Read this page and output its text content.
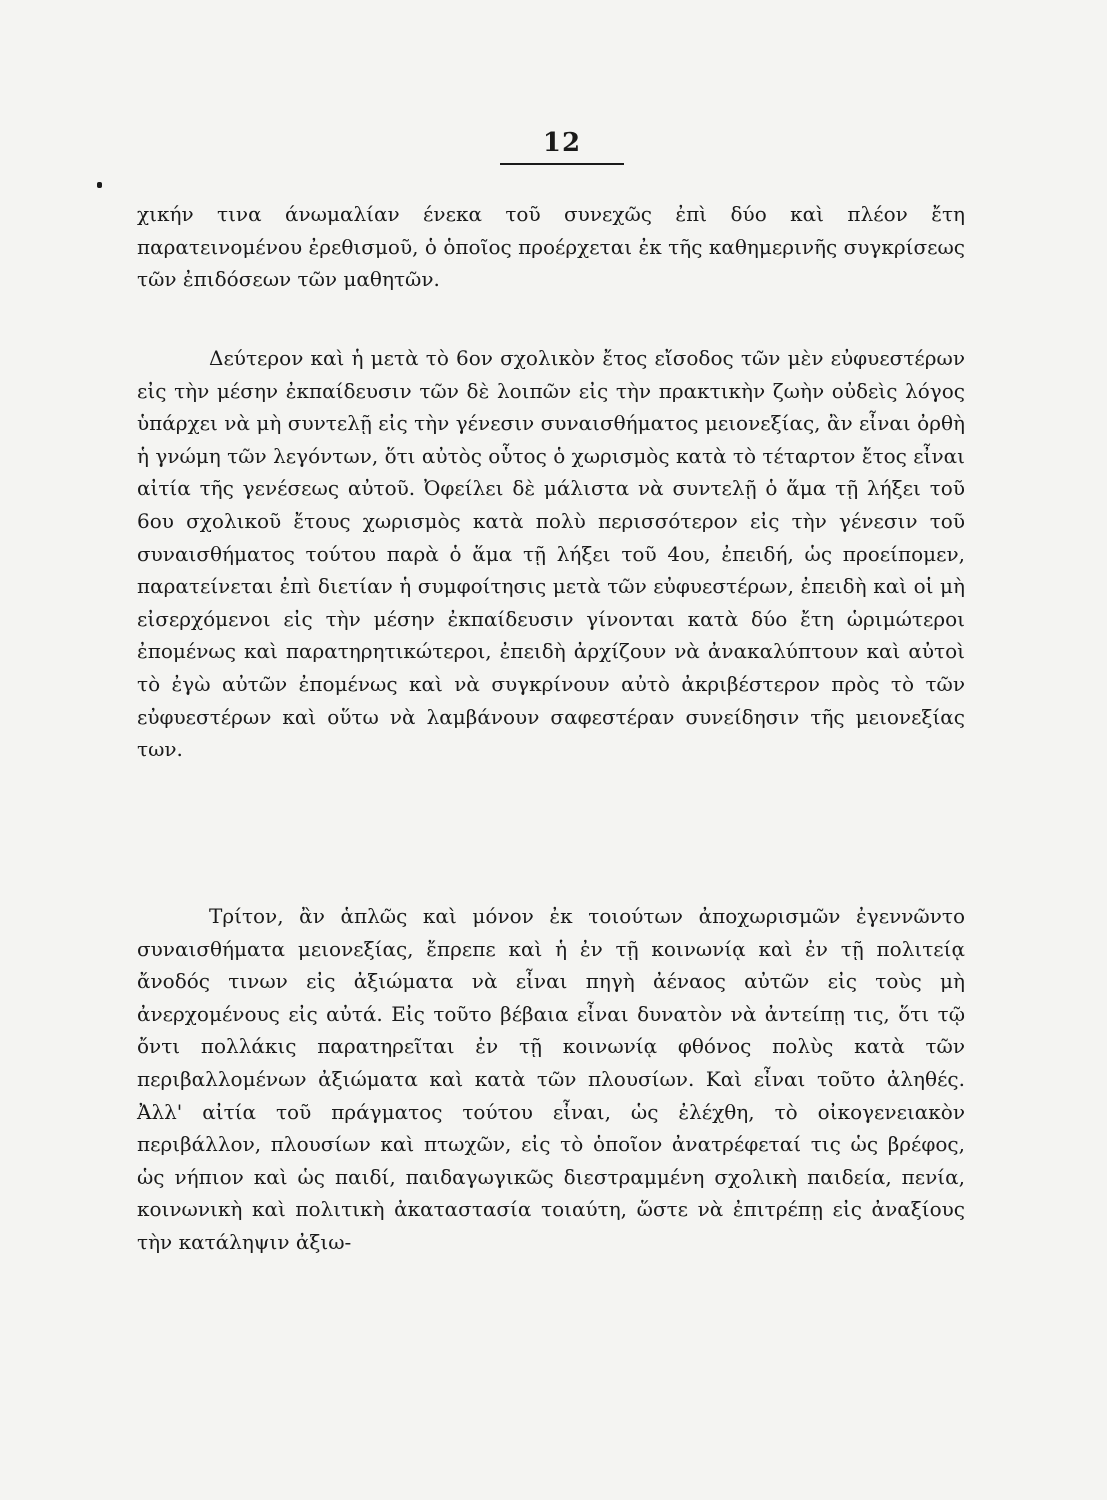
12

χικήν τινα άνωμαλίαν ένεκα τοῦ συνεχῶς ἐπὶ δύο καὶ πλέον ἔτη παρατεινομένου ἐρεθισμοῦ, ὁ ὁποῖος προέρχεται ἐκ τῆς καθημερινῆς συγκρίσεως τῶν ἐπιδόσεων τῶν μαθητῶν.

Δεύτερον καὶ ἡ μετὰ τὸ 6ον σχολικὸν ἔτος εἴσοδος τῶν μὲν εὐφυεστέρων εἰς τὴν μέσην ἐκπαίδευσιν τῶν δὲ λοιπῶν εἰς τὴν πρακτικὴν ζωὴν οὐδεὶς λόγος ὑπάρχει νὰ μὴ συντελῇ εἰς τὴν γένεσιν συναισθήματος μειονεξίας, ἂν εἶναι ὀρθὴ ἡ γνώμη τῶν λεγόντων, ὅτι αὐτὸς οὗτος ὁ χωρισμὸς κατὰ τὸ τέταρτον ἔτος εἶναι αἰτία τῆς γενέσεως αὐτοῦ. Ὀφείλει δὲ μάλιστα νὰ συντελῇ ὁ ἅμα τῇ λήξει τοῦ 6ου σχολικοῦ ἔτους χωρισμὸς κατὰ πολὺ περισσότερον εἰς τὴν γένεσιν τοῦ συναισθήματος τούτου παρὰ ὁ ἅμα τῇ λήξει τοῦ 4ου, ἐπειδή, ὡς προείπομεν, παρατείνεται ἐπὶ διετίαν ἡ συμφοίτησις μετὰ τῶν εὐφυεστέρων, ἐπειδὴ καὶ οἱ μὴ εἰσερχόμενοι εἰς τὴν μέσην ἐκπαίδευσιν γίνονται κατὰ δύο ἔτη ὡριμώτεροι ἐπομένως καὶ παρατηρητικώτεροι, ἐπειδὴ ἀρχίζουν νὰ ἀνακαλύπτουν καὶ αὐτοὶ τὸ ἐγὼ αὐτῶν ἐπομένως καὶ νὰ συγκρίνουν αὐτὸ ἀκριβέστερον πρὸς τὸ τῶν εὐφυεστέρων καὶ οὕτω νὰ λαμβάνουν σαφεστέραν συνείδησιν τῆς μειονεξίας των.

Τρίτον, ἂν ἁπλῶς καὶ μόνον ἐκ τοιούτων ἀποχωρισμῶν ἐγεννῶντο συναισθήματα μειονεξίας, ἔπρεπε καὶ ἡ ἐν τῇ κοινωνίᾳ καὶ ἐν τῇ πολιτείᾳ ἄνοδός τινων εἰς ἀξιώματα νὰ εἶναι πηγὴ ἀέναος αὐτῶν εἰς τοὺς μὴ ἀνερχομένους εἰς αὐτά. Εἰς τοῦτο βέβαια εἶναι δυνατὸν νὰ ἀντείπῃ τις, ὅτι τῷ ὄντι πολλάκις παρατηρεῖται ἐν τῇ κοινωνίᾳ φθόνος πολὺς κατὰ τῶν περιβαλλομένων ἀξιώματα καὶ κατὰ τῶν πλουσίων. Καὶ εἶναι τοῦτο ἀληθές. Ἀλλ' αἰτία τοῦ πράγματος τούτου εἶναι, ὡς ἐλέχθη, τὸ οἰκογενειακὸν περιβάλλον, πλουσίων καὶ πτωχῶν, εἰς τὸ ὁποῖον ἀνατρέφεταί τις ὡς βρέφος, ὡς νήπιον καὶ ὡς παιδί, παιδαγωγικῶς διεστραμμένη σχολικὴ παιδεία, πενία, κοινωνικὴ καὶ πολιτικὴ ἀκαταστασία τοιαύτη, ὥστε νὰ ἐπιτρέπῃ εἰς ἀναξίους τὴν κατάληψιν ἀξιω-
